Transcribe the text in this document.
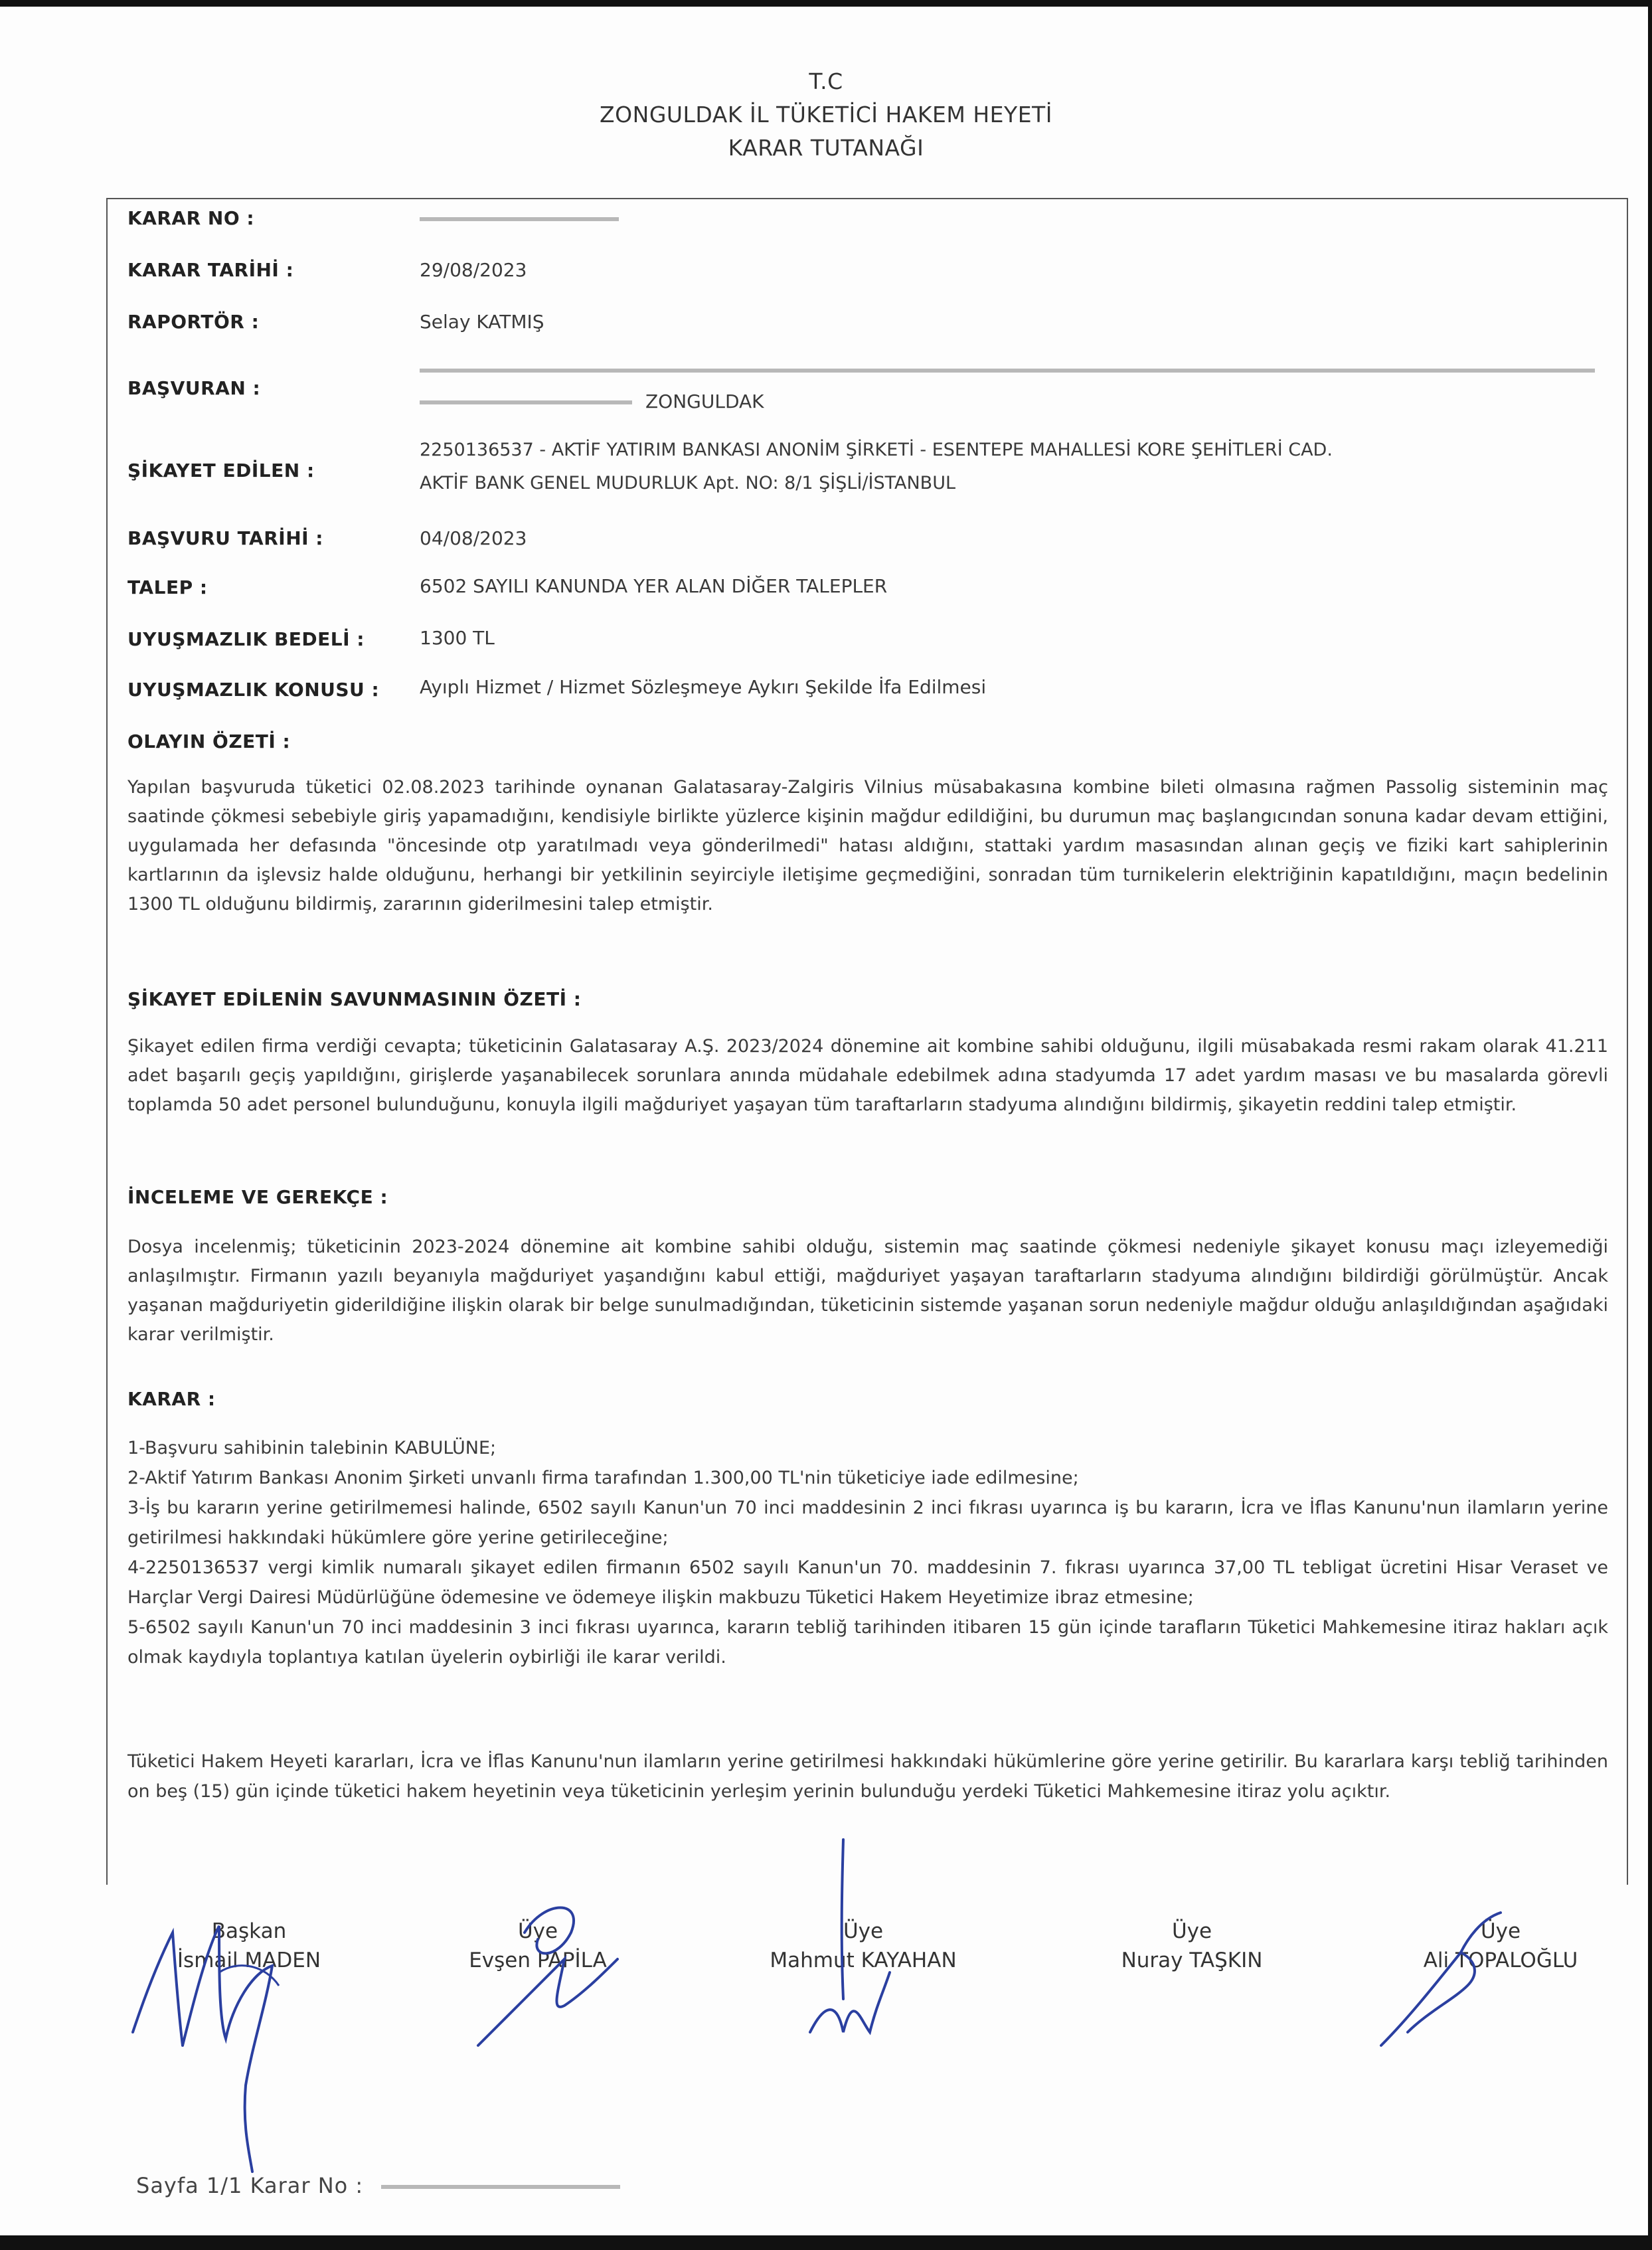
T.C
ZONGULDAK İL TÜKETİCİ HAKEM HEYETİ
KARAR TUTANAĞI
KARAR NO :
KARAR TARİHİ :	29/08/2023
RAPORTÖR :	Selay KATMIŞ
BAŞVURAN :
ZONGULDAK
ŞİKAYET EDİLEN :
2250136537 - AKTİF YATIRIM BANKASI ANONİM ŞİRKETİ - ESENTEPE MAHALLESİ KORE ŞEHİTLERİ CAD.
AKTİF BANK GENEL MUDURLUK Apt. NO: 8/1 ŞİŞLİ/İSTANBUL
BAŞVURU TARİHİ :	04/08/2023
TALEP :	6502 SAYILI KANUNDA YER ALAN DİĞER TALEPLER
UYUŞMAZLIK BEDELİ :	1300 TL
UYUŞMAZLIK KONUSU : Ayıplı Hizmet / Hizmet Sözleşmeye Aykırı Şekilde İfa Edilmesi
OLAYIN ÖZETİ :
Yapılan başvuruda tüketici 02.08.2023 tarihinde oynanan Galatasaray-Zalgiris Vilnius müsabakasına kombine bileti olmasına rağmen Passolig sisteminin maç saatinde çökmesi sebebiyle giriş yapamadığını, kendisiyle birlikte yüzlerce kişinin mağdur edildiğini, bu durumun maç başlangıcından sonuna kadar devam ettiğini, uygulamada her defasında "öncesinde otp yaratılmadı veya gönderilmedi" hatası aldığını, stattaki yardım masasından alınan geçiş ve fiziki kart sahiplerinin kartlarının da işlevsiz halde olduğunu, herhangi bir yetkilinin seyirciyle iletişime geçmediğini, sonradan tüm turnikelerin elektriğinin kapatıldığını, maçın bedelinin 1300 TL olduğunu bildirmiş, zararının giderilmesini talep etmiştir.
ŞİKAYET EDİLENİN SAVUNMASININ ÖZETİ :
Şikayet edilen firma verdiği cevapta; tüketicinin Galatasaray A.Ş. 2023/2024 dönemine ait kombine sahibi olduğunu, ilgili müsabakada resmi rakam olarak 41.211 adet başarılı geçiş yapıldığını, girişlerde yaşanabilecek sorunlara anında müdahale edebilmek adına stadyumda 17 adet yardım masası ve bu masalarda görevli toplamda 50 adet personel bulunduğunu, konuyla ilgili mağduriyet yaşayan tüm taraftarların stadyuma alındığını bildirmiş, şikayetin reddini talep etmiştir.
İNCELEME VE GEREKÇE :
Dosya incelenmiş; tüketicinin 2023-2024 dönemine ait kombine sahibi olduğu, sistemin maç saatinde çökmesi nedeniyle şikayet konusu maçı izleyemediği anlaşılmıştır. Firmanın yazılı beyanıyla mağduriyet yaşandığını kabul ettiği, mağduriyet yaşayan taraftarların stadyuma alındığını bildirdiği görülmüştür. Ancak yaşanan mağduriyetin giderildiğine ilişkin olarak bir belge sunulmadığından, tüketicinin sistemde yaşanan sorun nedeniyle mağdur olduğu anlaşıldığından aşağıdaki karar verilmiştir.
KARAR :

1-Başvuru sahibinin talebinin KABULÜNE;

2-Aktif Yatırım Bankası Anonim Şirketi unvanlı firma tarafından 1.300,00 TL'nin tüketiciye iade edilmesine;

3-İş bu kararın yerine getirilmemesi halinde, 6502 sayılı Kanun'un 70 inci maddesinin 2 inci fıkrası uyarınca iş bu kararın, İcra ve İflas Kanunu'nun ilamların yerine getirilmesi hakkındaki hükümlere göre yerine getirileceğine;

4-2250136537 vergi kimlik numaralı şikayet edilen firmanın 6502 sayılı Kanun'un 70. maddesinin 7. fıkrası uyarınca 37,00 TL tebligat ücretini Hisar Veraset ve Harçlar Vergi Dairesi Müdürlüğüne ödemesine ve ödemeye ilişkin makbuzu Tüketici Hakem Heyetimize ibraz etmesine;

5-6502 sayılı Kanun'un 70 inci maddesinin 3 inci fıkrası uyarınca, kararın tebliğ tarihinden itibaren 15 gün içinde tarafların Tüketici Mahkemesine itiraz hakları açık olmak kaydıyla toplantıya katılan üyelerin oybirliği ile karar verildi.

Tüketici Hakem Heyeti kararları, İcra ve İflas Kanunu'nun ilamların yerine getirilmesi hakkındaki hükümlerine göre yerine getirilir. Bu kararlara karşı tebliğ tarihinden on beş (15) gün içinde tüketici hakem heyetinin veya tüketicinin yerleşim yerinin bulunduğu yerdeki Tüketici Mahkemesine itiraz yolu açıktır.
Başkan
İsmail MADEN
Üye
Evşen PAPİLA
Üye
Mahmut KAYAHAN
Üye
Nuray TAŞKIN
Üye
Ali TOPALOĞLU
Sayfa 1/1 Karar No :
